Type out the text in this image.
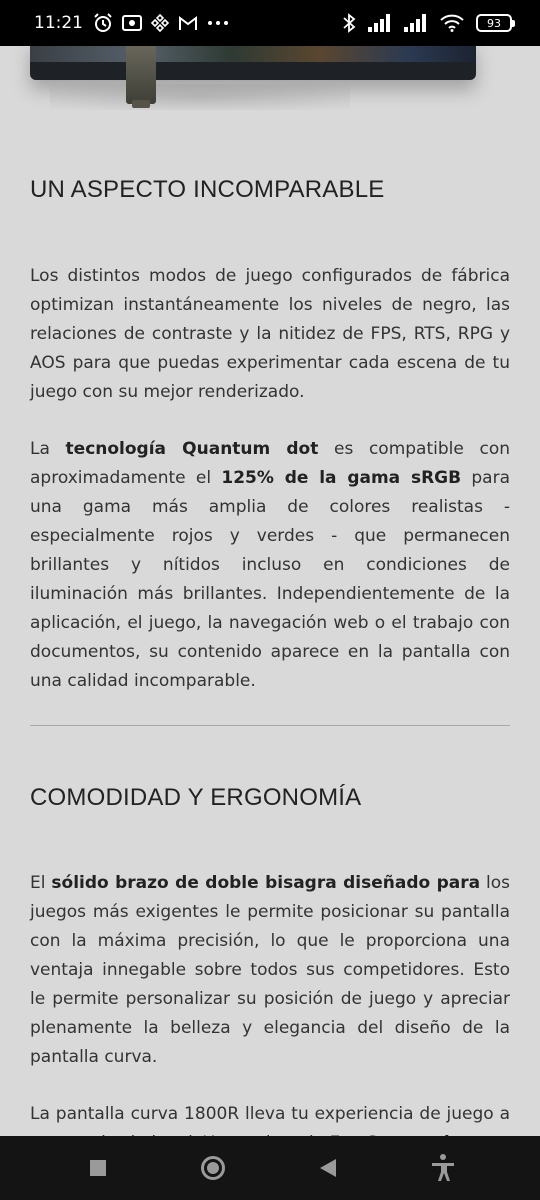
11:21	93
UN ASPECTO INCOMPARABLE

Los distintos modos de juego configurados de fábrica optimizan instantáneamente los niveles de negro, las relaciones de contraste y la nitidez de FPS, RTS, RPG y AOS para que puedas experimentar cada escena de tu juego con su mejor renderizado.

La tecnología Quantum dot es compatible con aproximadamente el 125% de la gama sRGB para una gama más amplia de colores realistas - especialmente rojos y verdes - que permanecen brillantes y nítidos incluso en condiciones de iluminación más brillantes. Independientemente de la aplicación, el juego, la navegación web o el trabajo con documentos, su contenido aparece en la pantalla con una calidad incomparable.

COMODIDAD Y ERGONOMÍA

El sólido brazo de doble bisagra diseñado para los juegos más exigentes le permite posicionar su pantalla con la máxima precisión, lo que le proporciona una ventaja innegable sobre todos sus competidores. Esto le permite personalizar su posición de juego y apreciar plenamente la belleza y elegancia del diseño de la pantalla curva.

La pantalla curva 1800R lleva tu experiencia de juego a
